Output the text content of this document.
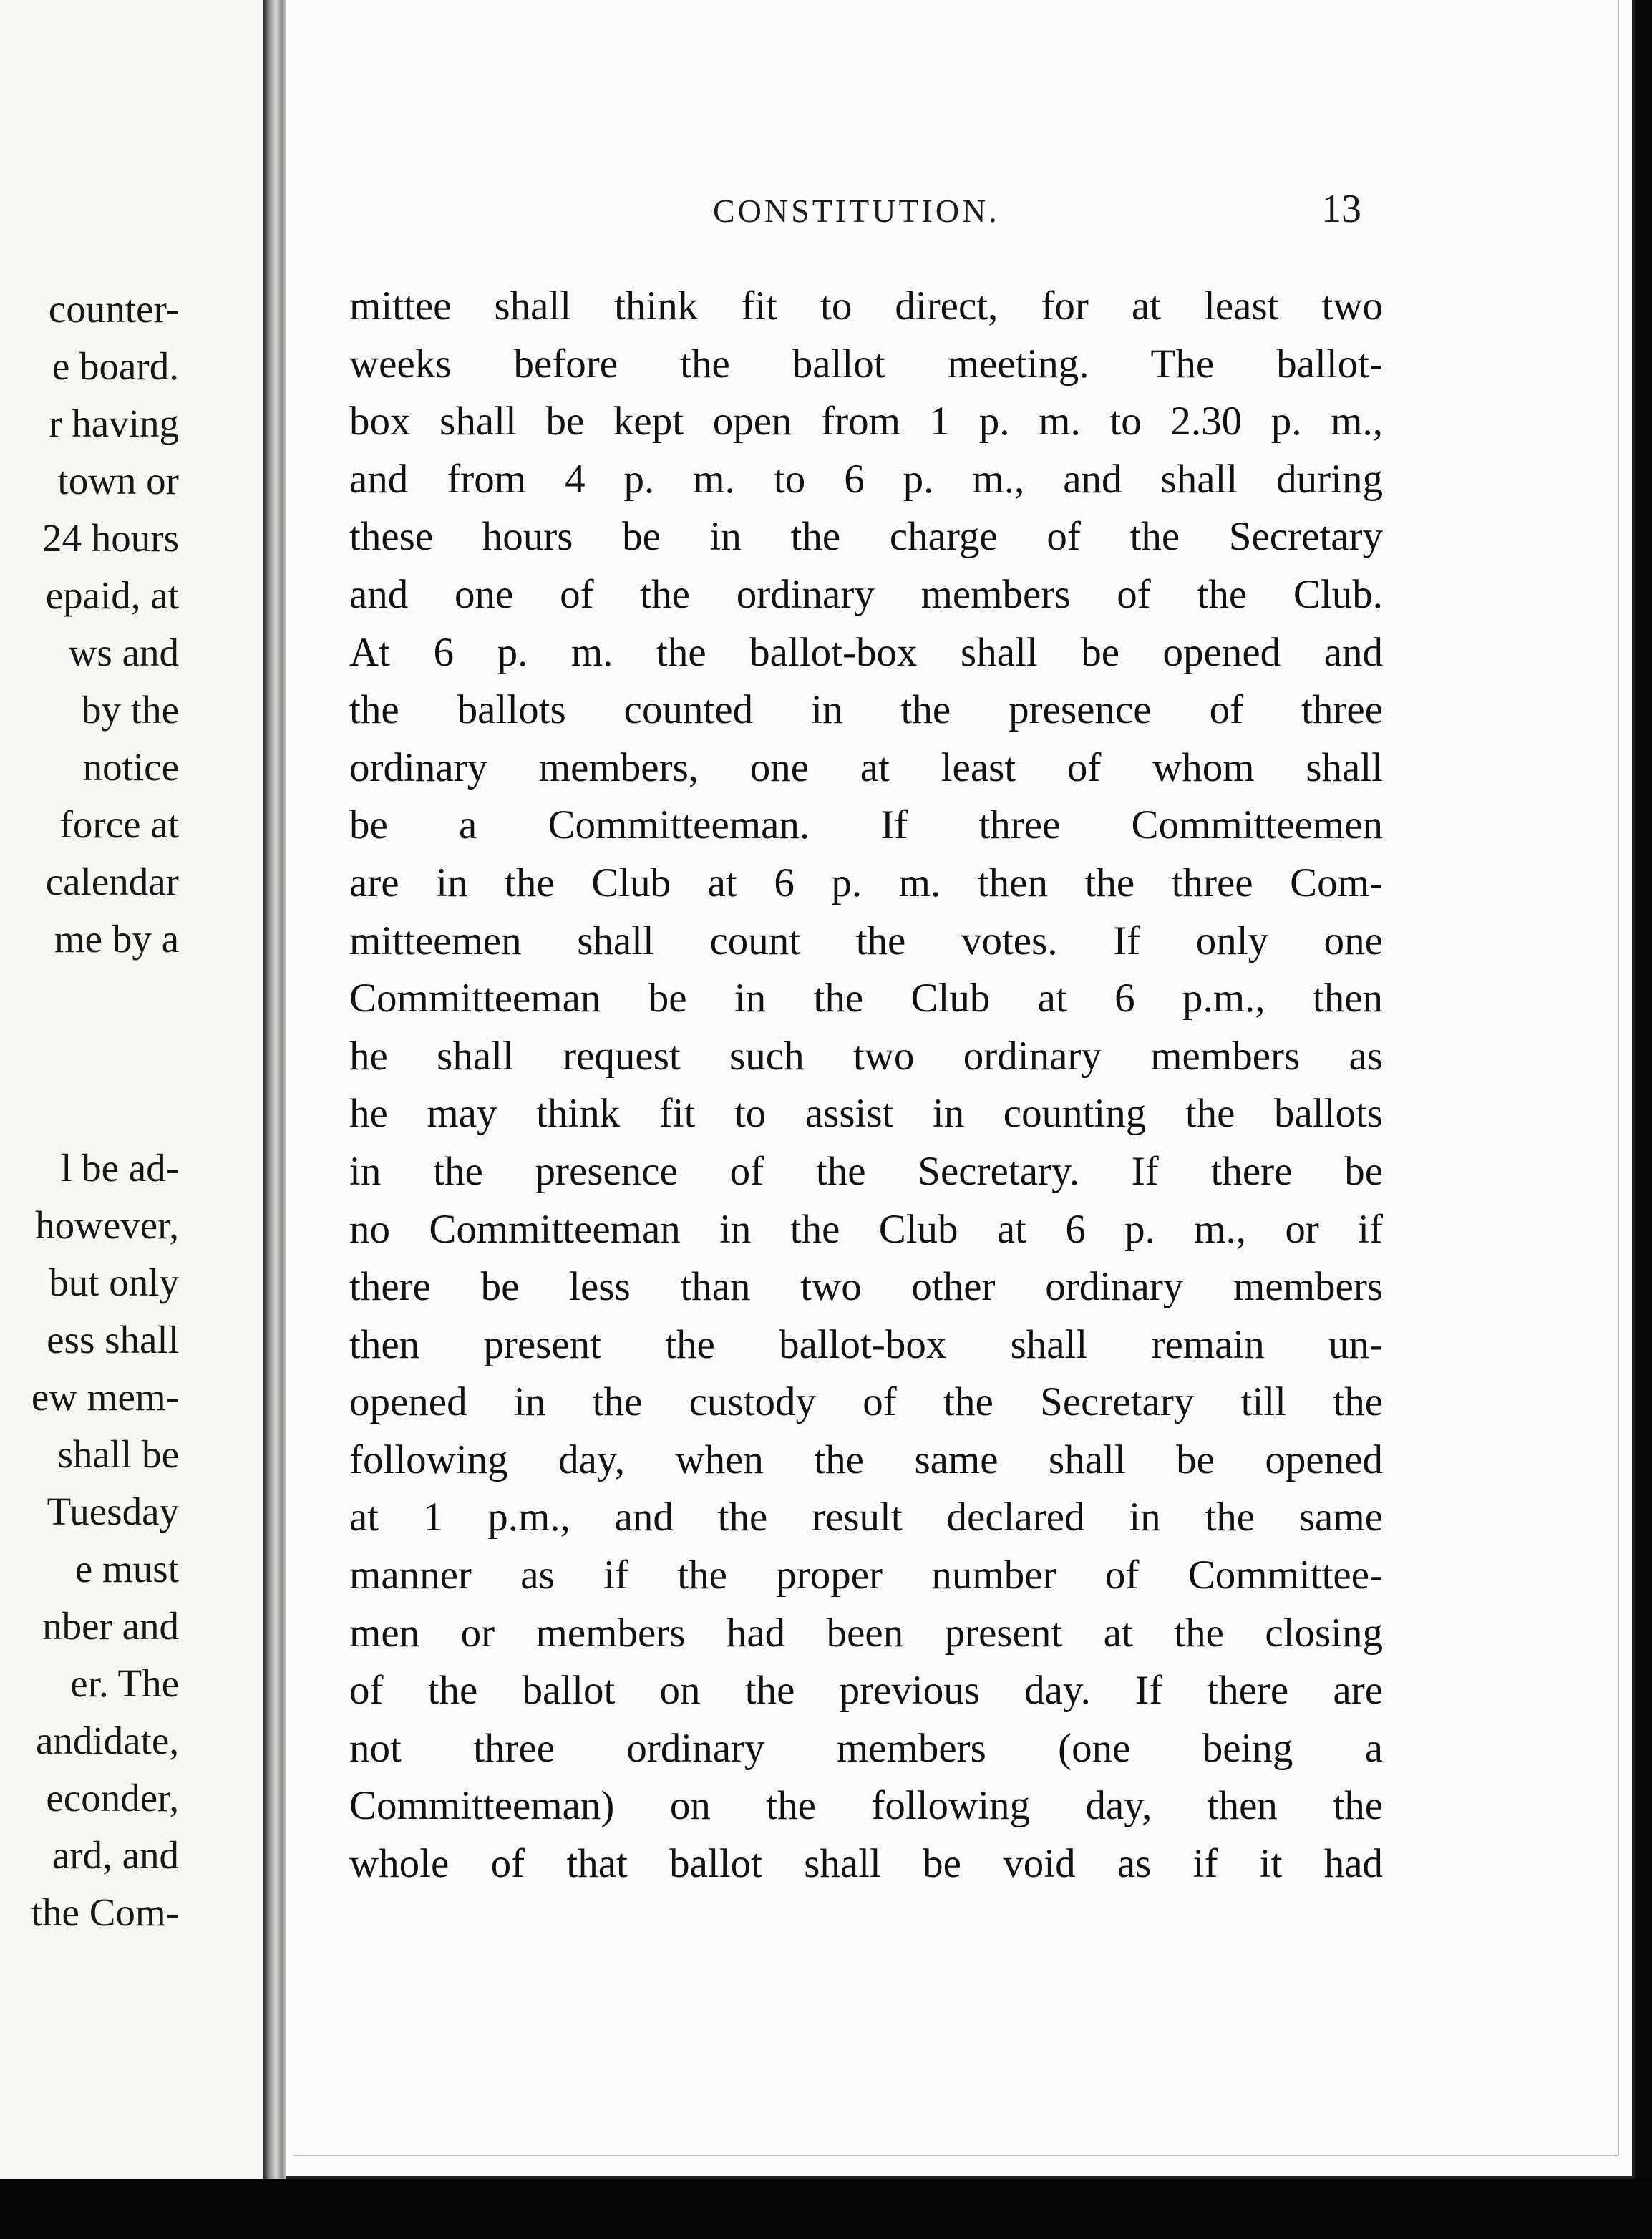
counter-
e board.
r having
town or
24 hours
epaid, at
ws and
by the
notice
force at
calendar
me by a
l be ad-
however,
but only
ess shall
ew mem-
shall be
Tuesday
e must
nber and
er. The
andidate,
econder,
ard, and
the Com-
CONSTITUTION.	13
mittee shall think fit to direct, for at least two
weeks before the ballot meeting. The ballot-
box shall be kept open from 1 p. m. to 2.30 p. m.,
and from 4 p. m. to 6 p. m., and shall during
these hours be in the charge of the Secretary
and one of the ordinary members of the Club.
At 6 p. m. the ballot-box shall be opened and
the ballots counted in the presence of three
ordinary members, one at least of whom shall
be a Committeeman. If three Committeemen
are in the Club at 6 p. m. then the three Com-
mitteemen shall count the votes. If only one
Committeeman be in the Club at 6 p.m., then
he shall request such two ordinary members as
he may think fit to assist in counting the ballots
in the presence of the Secretary. If there be
no Committeeman in the Club at 6 p. m., or if
there be less than two other ordinary members
then present the ballot-box shall remain un-
opened in the custody of the Secretary till the
following day, when the same shall be opened
at 1 p.m., and the result declared in the same
manner as if the proper number of Committee-
men or members had been present at the closing
of the ballot on the previous day. If there are
not three ordinary members (one being a
Committeeman) on the following day, then the
whole of that ballot shall be void as if it had
